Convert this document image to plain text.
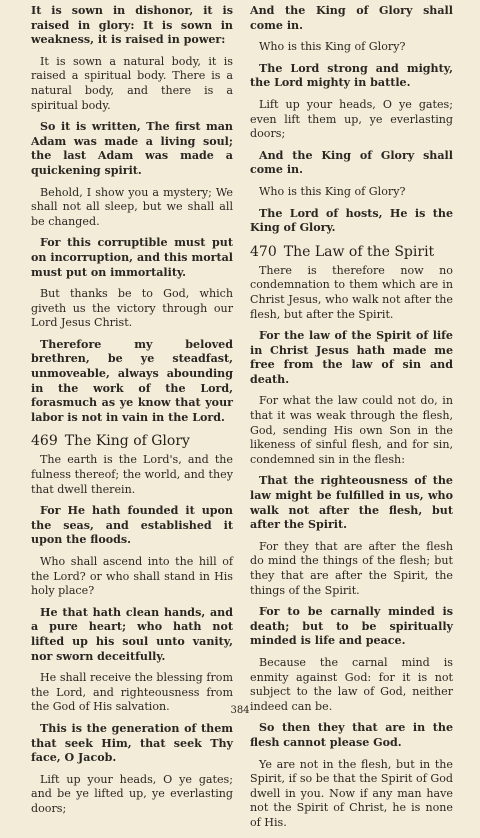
It is sown in dishonor, it is raised in glory: It is sown in weakness, it is raised in power:

It is sown a natural body, it is raised a spiritual body. There is a natural body, and there is a spiritual body.

So it is written, The first man Adam was made a living soul; the last Adam was made a quickening spirit.

Behold, I show you a mystery; We shall not all sleep, but we shall all be changed.

For this corruptible must put on incorruption, and this mortal must put on immortality.

But thanks be to God, which giveth us the victory through our Lord Jesus Christ.

Therefore my beloved brethren, be ye steadfast, unmoveable, always abounding in the work of the Lord, forasmuch as ye know that your labor is not in vain in the Lord.

469 The King of Glory

The earth is the Lord's, and the fulness thereof; the world, and they that dwell therein.

For He hath founded it upon the seas, and established it upon the floods.

Who shall ascend into the hill of the Lord? or who shall stand in His holy place?

He that hath clean hands, and a pure heart; who hath not lifted up his soul unto vanity, nor sworn deceitfully.

He shall receive the blessing from the Lord, and righteousness from the God of His salvation.

This is the generation of them that seek Him, that seek Thy face, O Jacob.

Lift up your heads, O ye gates; and be ye lifted up, ye everlasting doors;

And the King of Glory shall come in.

Who is this King of Glory?

The Lord strong and mighty, the Lord mighty in battle.

Lift up your heads, O ye gates; even lift them up, ye everlasting doors;

And the King of Glory shall come in.

Who is this King of Glory?

The Lord of hosts, He is the King of Glory.

470 The Law of the Spirit

There is therefore now no condemnation to them which are in Christ Jesus, who walk not after the flesh, but after the Spirit.

For the law of the Spirit of life in Christ Jesus hath made me free from the law of sin and death.

For what the law could not do, in that it was weak through the flesh, God, sending His own Son in the likeness of sinful flesh, and for sin, condemned sin in the flesh:

That the righteousness of the law might be fulfilled in us, who walk not after the flesh, but after the Spirit.

For they that are after the flesh do mind the things of the flesh; but they that are after the Spirit, the things of the Spirit.

For to be carnally minded is death; but to be spiritually minded is life and peace.

Because the carnal mind is enmity against God: for it is not subject to the law of God, neither indeed can be.

So then they that are in the flesh cannot please God.

Ye are not in the flesh, but in the Spirit, if so be that the Spirit of God dwell in you. Now if any man have not the Spirit of Christ, he is none of His.

384
